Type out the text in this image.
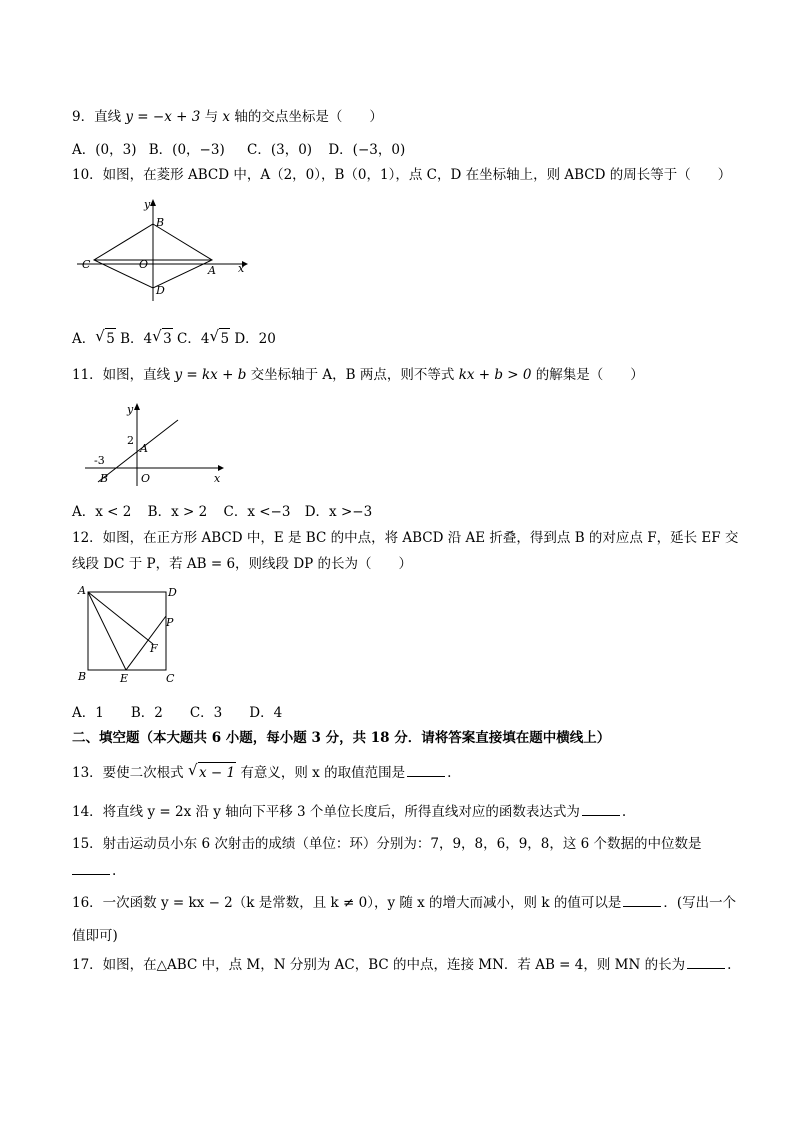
9．直线 y = −x + 3 与 x 轴的交点坐标是（　　）
A．(0，3) B．(0，−3) C．(3，0) D．(−3，0)
10．如图，在菱形 ABCD 中，A（2，0），B（0，1），点 C，D 在坐标轴上，则 ABCD 的周长等于（　　）
y
B
C	O	A x
D
A． √ 5 B．4 √ 3 C．4 √ 5 D．20
11．如图，直线 y = kx + b 交坐标轴于 A，B 两点，则不等式 kx + b > 0 的解集是（　　）
y
2
A
-3
B	O	x
A．x < 2 B．x > 2 C．x <−3 D．x >−3
12．如图，在正方形 ABCD 中，E 是 BC 的中点，将 ABCD 沿 AE 折叠，得到点 B 的对应点 F，延长 EF 交
线段 DC 于 P，若 AB = 6，则线段 DP 的长为（　　）
A	D
P
F
B	E	C
A．1　　B．2　　C．3　　D．4
二、填空题（本大题共 6 小题，每小题 3 分，共 18 分．请将答案直接填在题中横线上）
13．要使二次根式 √ x − 1 有意义，则 x 的取值范围是	.
14．将直线 y = 2x 沿 y 轴向下平移 3 个单位长度后，所得直线对应的函数表达式为	.
15．射击运动员小东 6 次射击的成绩（单位：环）分别为：7，9，8，6，9，8，这 6 个数据的中位数是
.
16．一次函数 y = kx − 2（k 是常数，且 k ≠ 0），y 随 x 的增大而减小，则 k 的值可以是	．(写出一个
值即可)
17．如图，在△ABC 中，点 M，N 分别为 AC，BC 的中点，连接 MN．若 AB = 4，则 MN 的长为	.
